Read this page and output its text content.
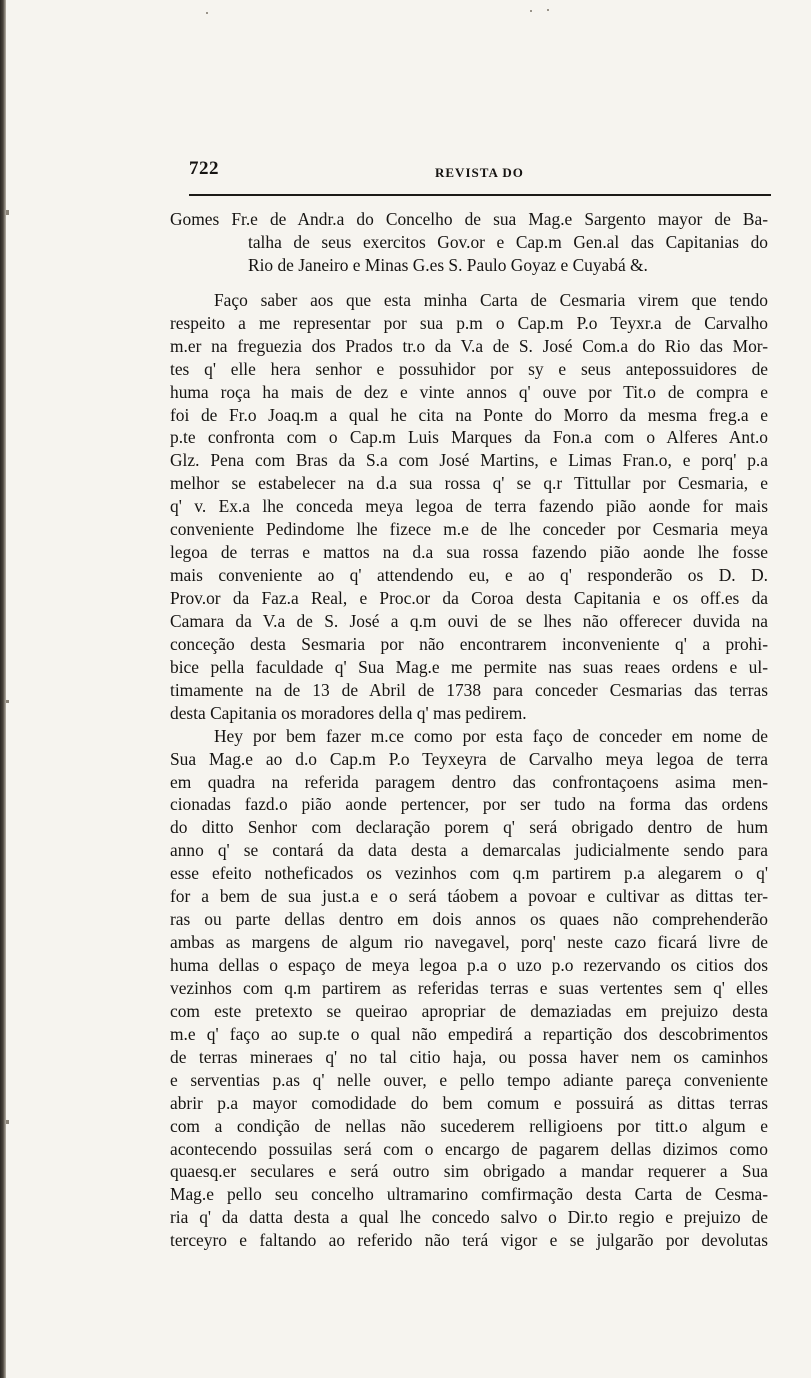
722	REVISTA DO
Gomes Fr.e de Andr.a do Concelho de sua Mag.e Sargento mayor de Ba-
talha de seus exercitos Gov.or e Cap.m Gen.al das Capitanias do
Rio de Janeiro e Minas G.es S. Paulo Goyaz e Cuyabá &.
Faço saber aos que esta minha Carta de Cesmaria virem que tendo
respeito a me representar por sua p.m o Cap.m P.o Teyxr.a de Carvalho
m.er na freguezia dos Prados tr.o da V.a de S. José Com.a do Rio das Mor-
tes q' elle hera senhor e possuhidor por sy e seus antepossuidores de
huma roça ha mais de dez e vinte annos q' ouve por Tit.o de compra e
foi de Fr.o Joaq.m a qual he cita na Ponte do Morro da mesma freg.a e
p.te confronta com o Cap.m Luis Marques da Fon.a com o Alferes Ant.o
Glz. Pena com Bras da S.a com José Martins, e Limas Fran.o, e porq' p.a
melhor se estabelecer na d.a sua rossa q' se q.r Tittullar por Cesmaria, e
q' v. Ex.a lhe conceda meya legoa de terra fazendo pião aonde for mais
conveniente Pedindome lhe fizece m.e de lhe conceder por Cesmaria meya
legoa de terras e mattos na d.a sua rossa fazendo pião aonde lhe fosse
mais conveniente ao q' attendendo eu, e ao q' responderão os D. D.
Prov.or da Faz.a Real, e Proc.or da Coroa desta Capitania e os off.es da
Camara da V.a de S. José a q.m ouvi de se lhes não offerecer duvida na
conceção desta Sesmaria por não encontrarem inconveniente q' a prohi-
bice pella faculdade q' Sua Mag.e me permite nas suas reaes ordens e ul-
timamente na de 13 de Abril de 1738 para conceder Cesmarias das terras
desta Capitania os moradores della q' mas pedirem.
Hey por bem fazer m.ce como por esta faço de conceder em nome de
Sua Mag.e ao d.o Cap.m P.o Teyxeyra de Carvalho meya legoa de terra
em quadra na referida paragem dentro das confrontaçoens asima men-
cionadas fazd.o pião aonde pertencer, por ser tudo na forma das ordens
do ditto Senhor com declaração porem q' será obrigado dentro de hum
anno q' se contará da data desta a demarcalas judicialmente sendo para
esse efeito notheficados os vezinhos com q.m partirem p.a alegarem o q'
for a bem de sua just.a e o será táobem a povoar e cultivar as dittas ter-
ras ou parte dellas dentro em dois annos os quaes não comprehenderão
ambas as margens de algum rio navegavel, porq' neste cazo ficará livre de
huma dellas o espaço de meya legoa p.a o uzo p.o rezervando os citios dos
vezinhos com q.m partirem as referidas terras e suas vertentes sem q' elles
com este pretexto se queirao apropriar de demaziadas em prejuizo desta
m.e q' faço ao sup.te o qual não empedirá a repartição dos descobrimentos
de terras mineraes q' no tal citio haja, ou possa haver nem os caminhos
e serventias p.as q' nelle ouver, e pello tempo adiante pareça conveniente
abrir p.a mayor comodidade do bem comum e possuirá as dittas terras
com a condição de nellas não sucederem relligioens por titt.o algum e
acontecendo possuilas será com o encargo de pagarem dellas dizimos como
quaesq.er seculares e será outro sim obrigado a mandar requerer a Sua
Mag.e pello seu concelho ultramarino comfirmação desta Carta de Cesma-
ria q' da datta desta a qual lhe concedo salvo o Dir.to regio e prejuizo de
terceyro e faltando ao referido não terá vigor e se julgarão por devolutas
